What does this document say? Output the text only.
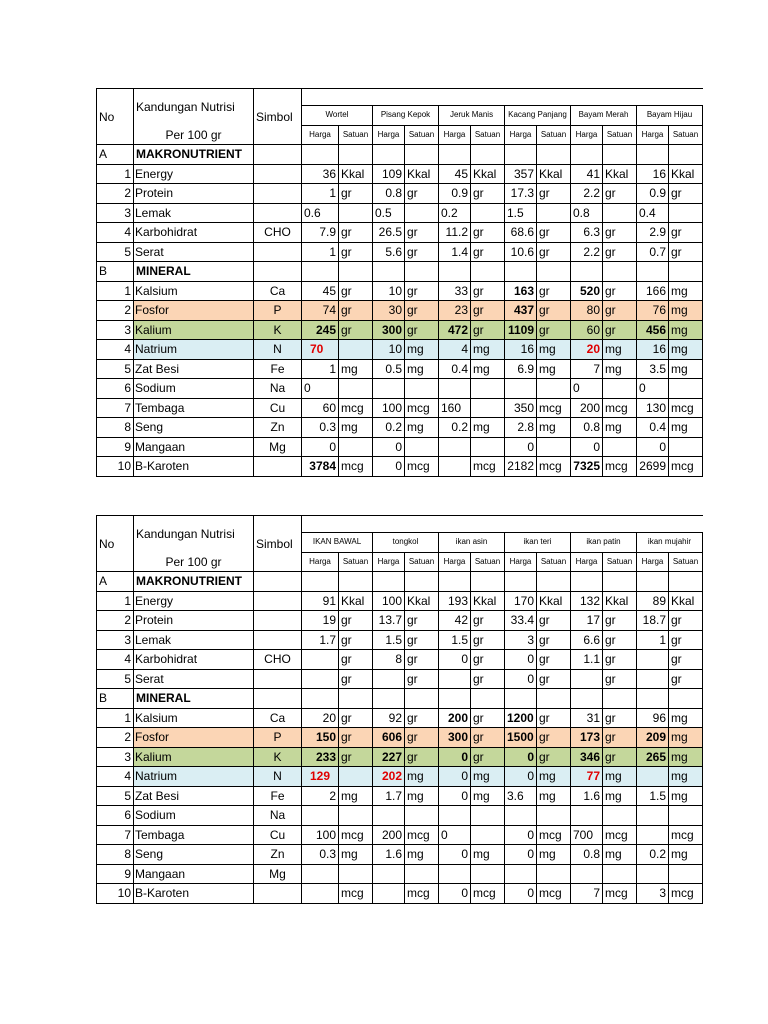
No	Kandungan Nutrisi	Simbol												
			Wortel		Pisang Kepok		Jeruk Manis		Kacang Panjang		Bayam Merah		Bayam Hijau	
	Per 100 gr		Harga	Satuan	Harga	Satuan	Harga	Satuan	Harga	Satuan	Harga	Satuan	Harga	Satuan
A	MAKRONUTRIENT													
1	Energy		36	Kkal	109	Kkal	45	Kkal	357	Kkal	41	Kkal	16	Kkal
2	Protein		1	gr	0.8	gr	0.9	gr	17.3	gr	2.2	gr	0.9	gr
3	Lemak		0.6		0.5		0.2		1.5		0.8		0.4	
4	Karbohidrat	CHO	7.9	gr	26.5	gr	11.2	gr	68.6	gr	6.3	gr	2.9	gr
5	Serat		1	gr	5.6	gr	1.4	gr	10.6	gr	2.2	gr	0.7	gr
B	MINERAL													
1	Kalsium	Ca	45	gr	10	gr	33	gr	163	gr	520	gr	166	mg
2	Fosfor	P	74	gr	30	gr	23	gr	437	gr	80	gr	76	mg
3	Kalium	K	245	gr	300	gr	472	gr	1109	gr	60	gr	456	mg
4	Natrium	N	70		10	mg	4	mg	16	mg	20	mg	16	mg
5	Zat Besi	Fe	1	mg	0.5	mg	0.4	mg	6.9	mg	7	mg	3.5	mg
6	Sodium	Na	0								0		0	
7	Tembaga	Cu	60	mcg	100	mcg	160		350	mcg	200	mcg	130	mcg
8	Seng	Zn	0.3	mg	0.2	mg	0.2	mg	2.8	mg	0.8	mg	0.4	mg
9	Mangaan	Mg	0		0				0		0		0	
10	B-Karoten		3784	mcg	0	mcg		mcg	2182	mcg	7325	mcg	2699	mcg
No	Kandungan Nutrisi	Simbol												
			IKAN BAWAL		tongkol		ikan asin		ikan teri		ikan patin		ikan mujahir	
	Per 100 gr		Harga	Satuan	Harga	Satuan	Harga	Satuan	Harga	Satuan	Harga	Satuan	Harga	Satuan
A	MAKRONUTRIENT													
1	Energy		91	Kkal	100	Kkal	193	Kkal	170	Kkal	132	Kkal	89	Kkal
2	Protein		19	gr	13.7	gr	42	gr	33.4	gr	17	gr	18.7	gr
3	Lemak		1.7	gr	1.5	gr	1.5	gr	3	gr	6.6	gr	1	gr
4	Karbohidrat	CHO		gr	8	gr	0	gr	0	gr	1.1	gr		gr
5	Serat			gr		gr		gr	0	gr		gr		gr
B	MINERAL													
1	Kalsium	Ca	20	gr	92	gr	200	gr	1200	gr	31	gr	96	mg
2	Fosfor	P	150	gr	606	gr	300	gr	1500	gr	173	gr	209	mg
3	Kalium	K	233	gr	227	gr	0	gr	0	gr	346	gr	265	mg
4	Natrium	N	129		202	mg	0	mg	0	mg	77	mg		mg
5	Zat Besi	Fe	2	mg	1.7	mg	0	mg	3.6	mg	1.6	mg	1.5	mg
6	Sodium	Na												
7	Tembaga	Cu	100	mcg	200	mcg	0		0	mcg	700	mcg		mcg
8	Seng	Zn	0.3	mg	1.6	mg	0	mg	0	mg	0.8	mg	0.2	mg
9	Mangaan	Mg												
10	B-Karoten			mcg		mcg	0	mcg	0	mcg	7	mcg	3	mcg
